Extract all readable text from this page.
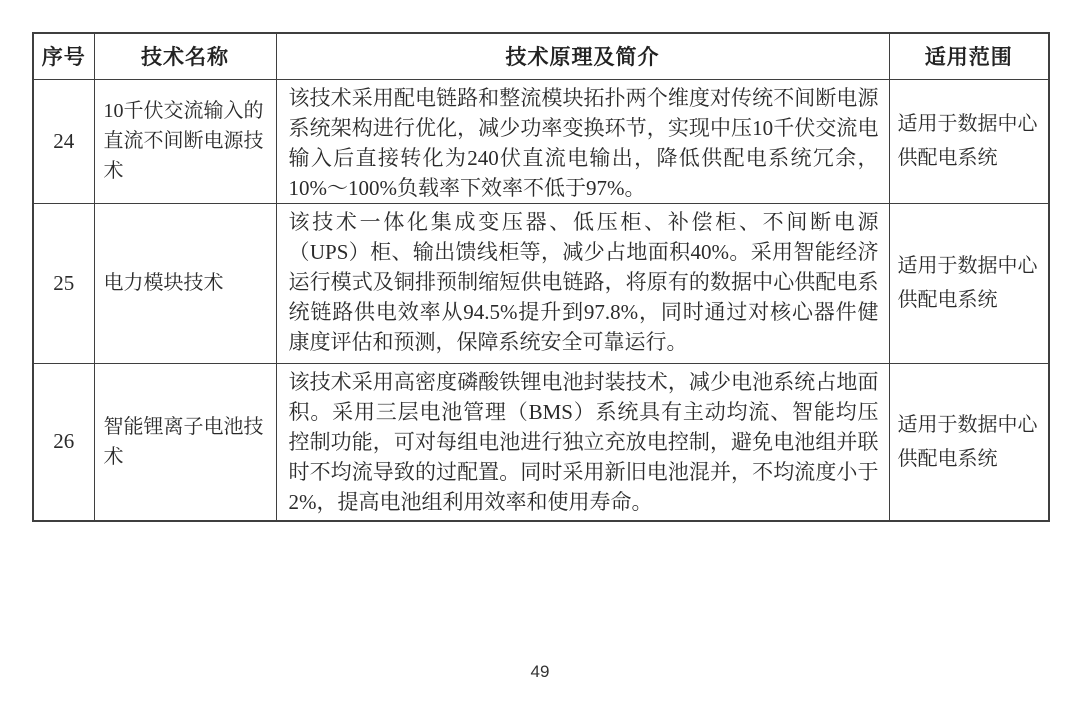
序号	技术名称	技术原理及简介	适用范围
24	10千伏交流输入的直流不间断电源技术	该技术采用配电链路和整流模块拓扑两个维度对传统不间断电源系统架构进行优化，减少功率变换环节，实现中压10千伏交流电输入后直接转化为240伏直流电输出，降低供配电系统冗余，10%～100%负载率下效率不低于97%。	适用于数据中心供配电系统
25	电力模块技术	该技术一体化集成变压器、低压柜、补偿柜、不间断电源（UPS）柜、输出馈线柜等，减少占地面积40%。采用智能经济运行模式及铜排预制缩短供电链路，将原有的数据中心供配电系统链路供电效率从94.5%提升到97.8%，同时通过对核心器件健康度评估和预测，保障系统安全可靠运行。	适用于数据中心供配电系统
26	智能锂离子电池技术	该技术采用高密度磷酸铁锂电池封装技术，减少电池系统占地面积。采用三层电池管理（BMS）系统具有主动均流、智能均压控制功能，可对每组电池进行独立充放电控制，避免电池组并联时不均流导致的过配置。同时采用新旧电池混并，不均流度小于2%，提高电池组利用效率和使用寿命。	适用于数据中心供配电系统
49
